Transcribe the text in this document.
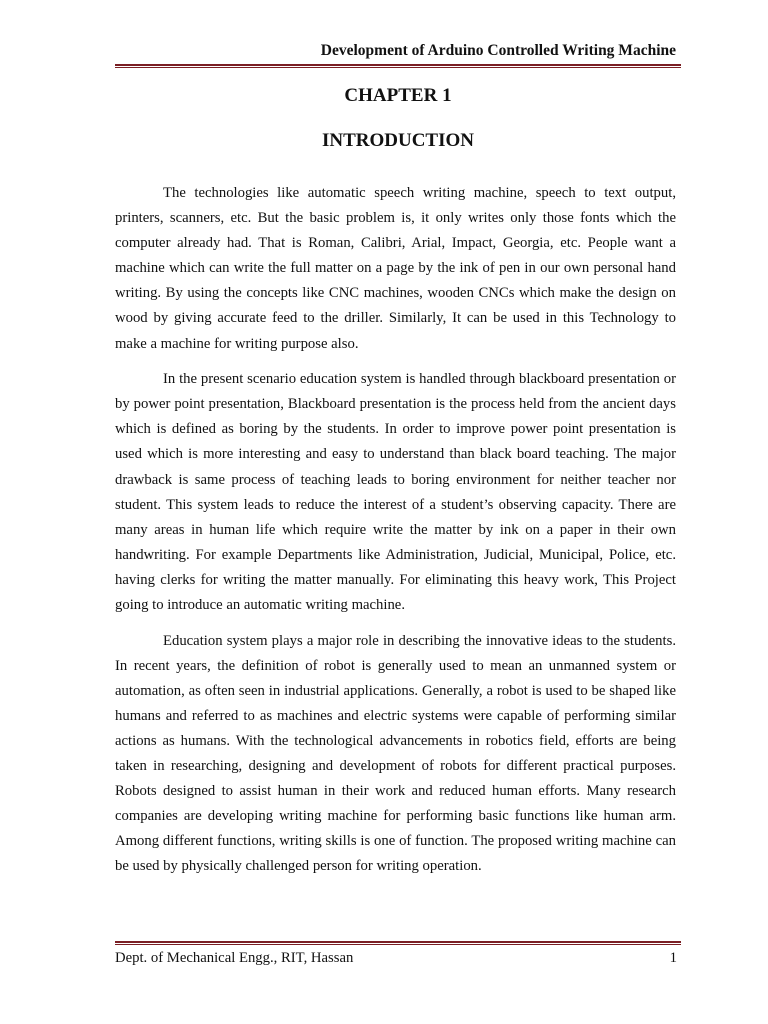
Development of Arduino Controlled Writing Machine
CHAPTER 1
INTRODUCTION

The technologies like automatic speech writing machine, speech to text output, printers, scanners, etc. But the basic problem is, it only writes only those fonts which the computer already had. That is Roman, Calibri, Arial, Impact, Georgia, etc. People want a machine which can write the full matter on a page by the ink of pen in our own personal hand writing. By using the concepts like CNC machines, wooden CNCs which make the design on wood by giving accurate feed to the driller. Similarly, It can be used in this Technology to make a machine for writing purpose also.

In the present scenario education system is handled through blackboard presentation or by power point presentation, Blackboard presentation is the process held from the ancient days which is defined as boring by the students. In order to improve power point presentation is used which is more interesting and easy to understand than black board teaching. The major drawback is same process of teaching leads to boring environment for neither teacher nor student. This system leads to reduce the interest of a student’s observing capacity. There are many areas in human life which require write the matter by ink on a paper in their own handwriting. For example Departments like Administration, Judicial, Municipal, Police, etc. having clerks for writing the matter manually. For eliminating this heavy work, This Project going to introduce an automatic writing machine.

Education system plays a major role in describing the innovative ideas to the students. In recent years, the definition of robot is generally used to mean an unmanned system or automation, as often seen in industrial applications. Generally, a robot is used to be shaped like humans and referred to as machines and electric systems were capable of performing similar actions as humans. With the technological advancements in robotics field, efforts are being taken in researching, designing and development of robots for different practical purposes. Robots designed to assist human in their work and reduced human efforts. Many research companies are developing writing machine for performing basic functions like human arm. Among different functions, writing skills is one of function. The proposed writing machine can be used by physically challenged person for writing operation.

Dept. of Mechanical Engg., RIT, Hassan	1
